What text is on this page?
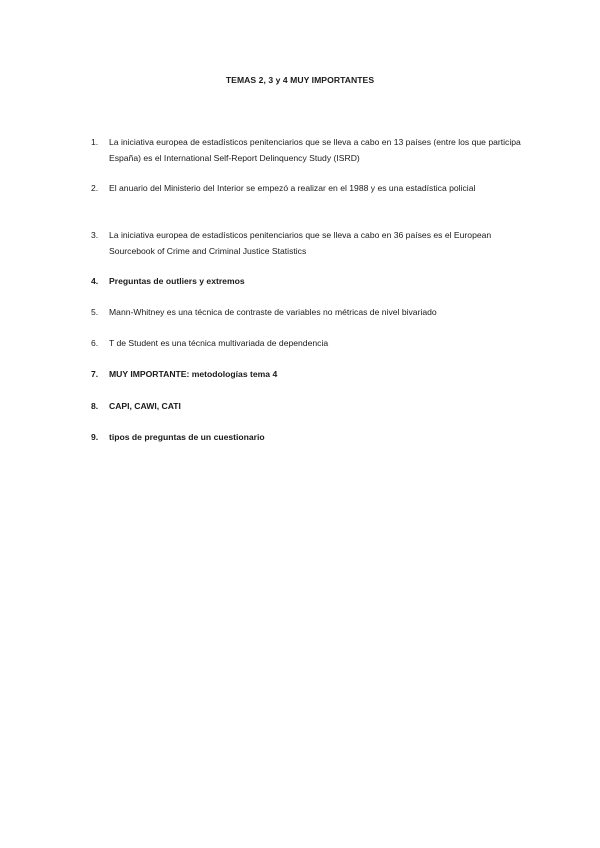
TEMAS 2, 3 y 4 MUY IMPORTANTES
1.	La iniciativa europea de estadísticos penitenciarios que se lleva a cabo en 13 países (entre los que participa España) es el International Self-Report Delinquency Study (ISRD)
2.	El anuario del Ministerio del Interior se empezó a realizar en el 1988 y es una estadística policial
3.	La iniciativa europea de estadísticos penitenciarios que se lleva a cabo en 36 países es el European Sourcebook of Crime and Criminal Justice Statistics
4.	Preguntas de outliers y extremos
5.	Mann-Whitney es una técnica de contraste de variables no métricas de nivel bivariado
6.	T de Student es una técnica multivariada de dependencia
7.	MUY IMPORTANTE: metodologías tema 4
8.	CAPI, CAWI, CATI
9.	tipos de preguntas de un cuestionario
